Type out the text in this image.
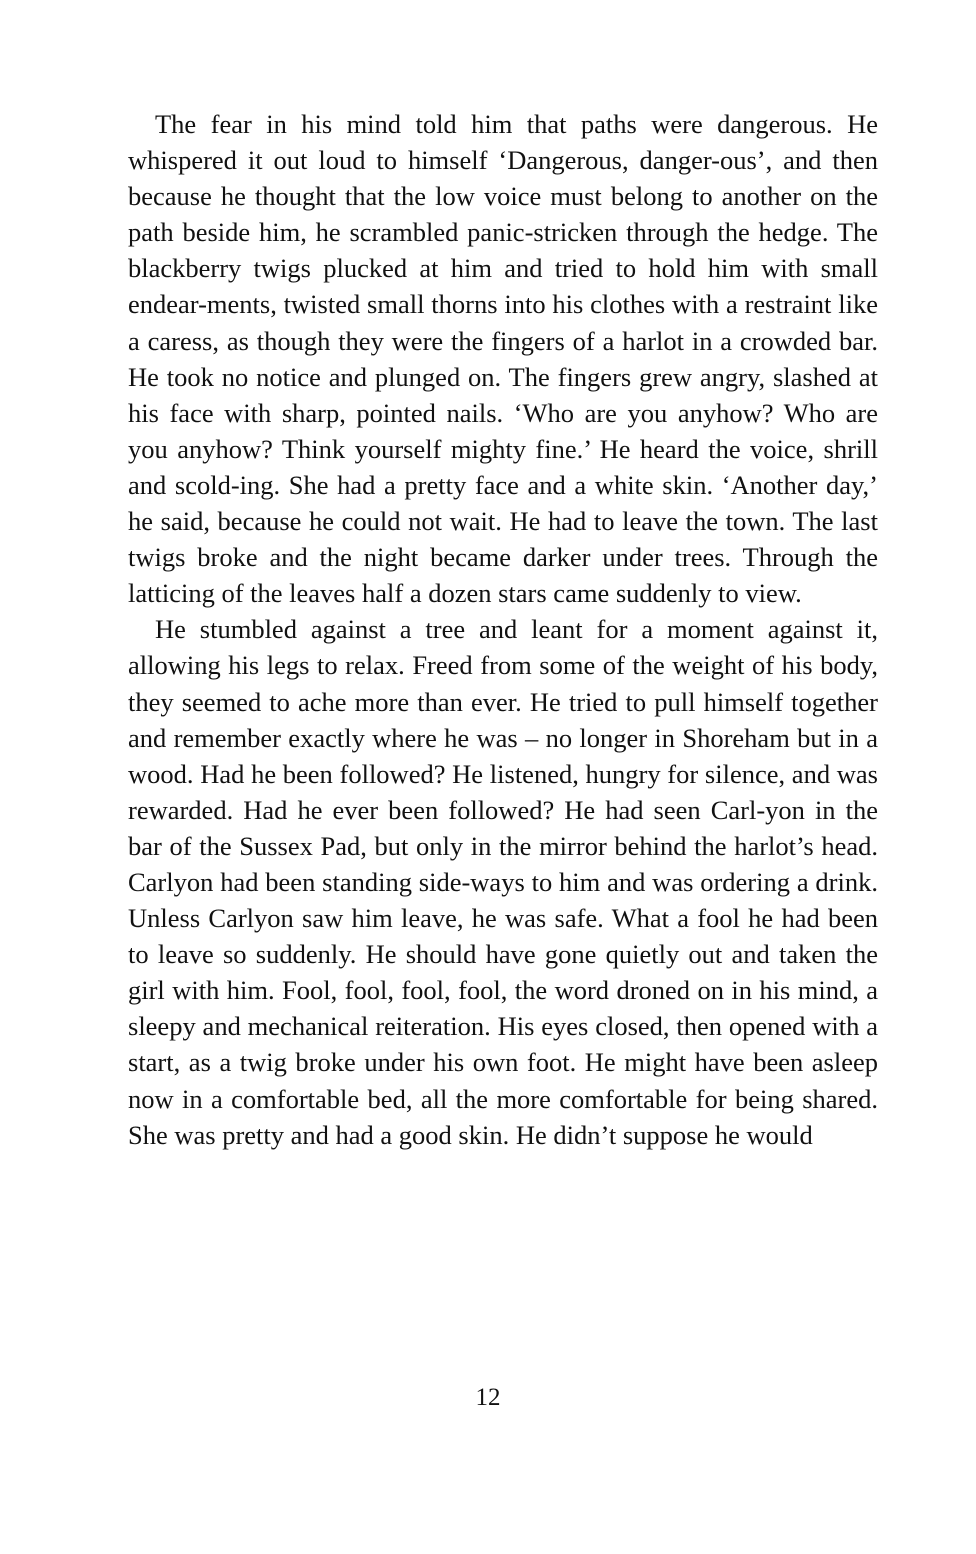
The fear in his mind told him that paths were dangerous. He whispered it out loud to himself ‘Dangerous, danger-ous’, and then because he thought that the low voice must belong to another on the path beside him, he scrambled panic-stricken through the hedge. The blackberry twigs plucked at him and tried to hold him with small endear-ments, twisted small thorns into his clothes with a restraint like a caress, as though they were the fingers of a harlot in a crowded bar. He took no notice and plunged on. The fingers grew angry, slashed at his face with sharp, pointed nails. ‘Who are you anyhow? Who are you anyhow? Think yourself mighty fine.’ He heard the voice, shrill and scold-ing. She had a pretty face and a white skin. ‘Another day,’ he said, because he could not wait. He had to leave the town. The last twigs broke and the night became darker under trees. Through the latticing of the leaves half a dozen stars came suddenly to view.

He stumbled against a tree and leant for a moment against it, allowing his legs to relax. Freed from some of the weight of his body, they seemed to ache more than ever. He tried to pull himself together and remember exactly where he was – no longer in Shoreham but in a wood. Had he been followed? He listened, hungry for silence, and was rewarded. Had he ever been followed? He had seen Carl-yon in the bar of the Sussex Pad, but only in the mirror behind the harlot’s head. Carlyon had been standing side-ways to him and was ordering a drink. Unless Carlyon saw him leave, he was safe. What a fool he had been to leave so suddenly. He should have gone quietly out and taken the girl with him. Fool, fool, fool, fool, the word droned on in his mind, a sleepy and mechanical reiteration. His eyes closed, then opened with a start, as a twig broke under his own foot. He might have been asleep now in a comfortable bed, all the more comfortable for being shared. She was pretty and had a good skin. He didn’t suppose he would

12
